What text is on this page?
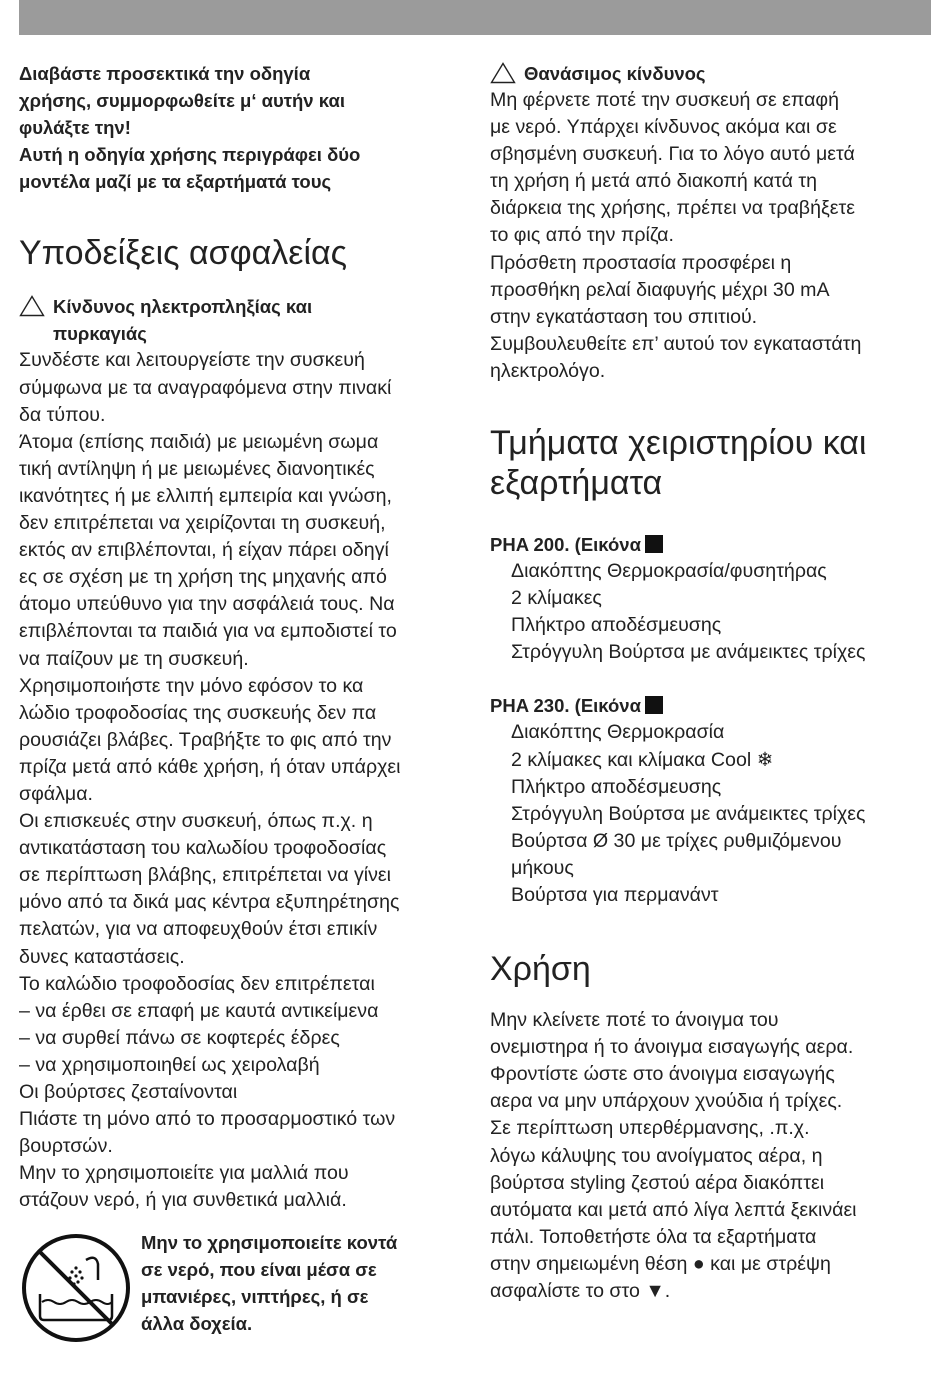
Διαβάστε προσεκτικά την οδηγία
χρήσης, συμμορφωθείτε μ‘ αυτήν και
φυλάξτε την!
Αυτή η οδηγία χρήσης περιγράφει δύο
μοντέλα μαζί με τα εξαρτήματά τους
Υποδείξεις ασφαλείας
Κίνδυνος ηλεκτροπληξίας και
πυρκαγιάς
Συνδέστε και λειτουργείστε την συσκευή
σύμφωνα με τα αναγραφόμενα στην πινακί
δα τύπου.
Άτομα (επίσης παιδιά) με μειωμένη σωμα
τική αντίληψη ή με μειωμένες διανοητικές
ικανότητες ή με ελλιπή εμπειρία και γνώση,
δεν επιτρέπεται να χειρίζονται τη συσκευή,
εκτός αν επιβλέπονται, ή είχαν πάρει οδηγί
ες σε σχέση με τη χρήση της μηχανής από
άτομο υπεύθυνο για την ασφάλειά τους. Να
επιβλέπονται τα παιδιά για να εμποδιστεί το
να παίζουν με τη συσκευή.
Χρησιμοποιήστε την μόνο εφόσον το κα
λώδιο τροφοδοσίας της συσκευής δεν πα
ρουσιάζει βλάβες. Τραβήξτε το φις από την
πρίζα μετά από κάθε χρήση, ή όταν υπάρχει
σφάλμα.
Οι επισκευές στην συσκευή, όπως π.χ. η
αντικατάσταση του καλωδίου τροφοδοσίας
σε περίπτωση βλάβης, επιτρέπεται να γίνει
μόνο από τα δικά μας κέντρα εξυπηρέτησης
πελατών, για να αποφευχθούν έτσι επικίν
δυνες καταστάσεις.
Το καλώδιο τροφοδοσίας δεν επιτρέπεται
– να έρθει σε επαφή με καυτά αντικείμενα
– να συρθεί πάνω σε κοφτερές έδρες
– να χρησιμοποιηθεί ως χειρολαβή
Οι βούρτσες ζεσταίνονται
Πιάστε τη μόνο από το προσαρμοστικό των
βουρτσών.
Μην το χρησιμοποιείτε για μαλλιά που
στάζουν νερό, ή για συνθετικά μαλλιά.
Μην το χρησιμοποιείτε κοντά
σε νερό, που είναι μέσα σε
μπανιέρες, νιπτήρες, ή σε
άλλα δοχεία.
Θανάσιμος κίνδυνος
Μη φέρνετε ποτέ την συσκευή σε επαφή
με νερό. Υπάρχει κίνδυνος ακόμα και σε
σβησμένη συσκευή. Για το λόγο αυτό μετά
τη χρήση ή μετά από διακοπή κατά τη
διάρκεια της χρήσης, πρέπει να τραβήξετε
το φις από την πρίζα.
Πρόσθετη προστασία προσφέρει η
προσθήκη ρελαί διαφυγής μέχρι 30 mA
στην εγκατάσταση του σπιτιού.
Συμβουλευθείτε επ’ αυτού τον εγκαταστάτη
ηλεκτρολόγο.
Τμήματα χειριστηρίου και
εξαρτήματα
PHA 200. (Εικόνα
Διακόπτης Θερμοκρασία/φυσητήρας
2 κλίμακες
Πλήκτρο αποδέσμευσης
Στρόγγυλη Βούρτσα με ανάμεικτες τρίχες
PHA 230. (Εικόνα
Διακόπτης Θερμοκρασία
2 κλίμακες και κλίμακα Cool ❄
Πλήκτρο αποδέσμευσης
Στρόγγυλη Βούρτσα με ανάμεικτες τρίχες
Βούρτσα Ø 30 με τρίχες ρυθμιζόμενου
μήκους
Βούρτσα για περμανάντ
Χρήση
Μην κλείνετε ποτέ το άνοιγμα του
ονεμιστηρα ή το άνοιγμα εισαγωγής αερα.
Φροντίστε ώστε στο άνοιγμα εισαγωγής
αερα να μην υπάρχουν χνούδια ή τρίχες.
Σε περίπτωση υπερθέρμανσης, .π.χ.
λόγω κάλυψης του ανοίγματος αέρα, η
βούρτσα styling ζεστού αέρα διακόπτει
αυτόματα και μετά από λίγα λεπτά ξεκινάει
πάλι. Τοποθετήστε όλα τα εξαρτήματα
στην σημειωμένη θέση ● και με στρέψη
ασφαλίστε το στο ▼.
